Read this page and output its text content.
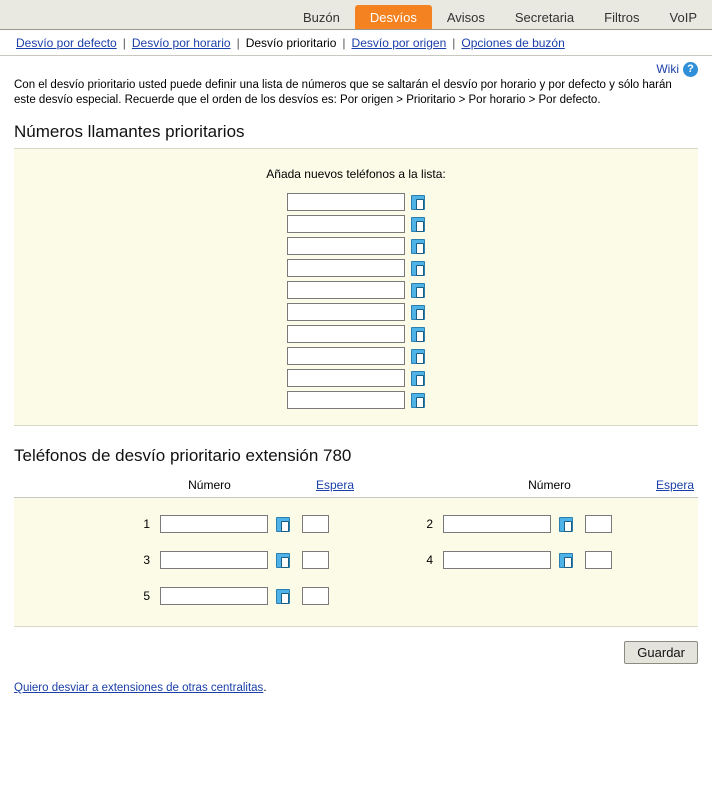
Buzón	Desvíos	Avisos	Secretaria	Filtros	VoIP
Desvío por defecto | Desvío por horario | Desvío prioritario | Desvío por origen | Opciones de buzón
Wiki ?
Con el desvío prioritario usted puede definir una lista de números que se saltarán el desvío por horario y por defecto y sólo harán este desvío especial. Recuerde que el orden de los desvíos es: Por origen > Prioritario > Por horario > Por defecto.
Números llamantes prioritarios
Añada nuevos teléfonos a la lista:
Teléfonos de desvío prioritario extensión 780
Número	Espera	Número	Espera
1	2
3	4
5
Guardar
Quiero desviar a extensiones de otras centralitas.
